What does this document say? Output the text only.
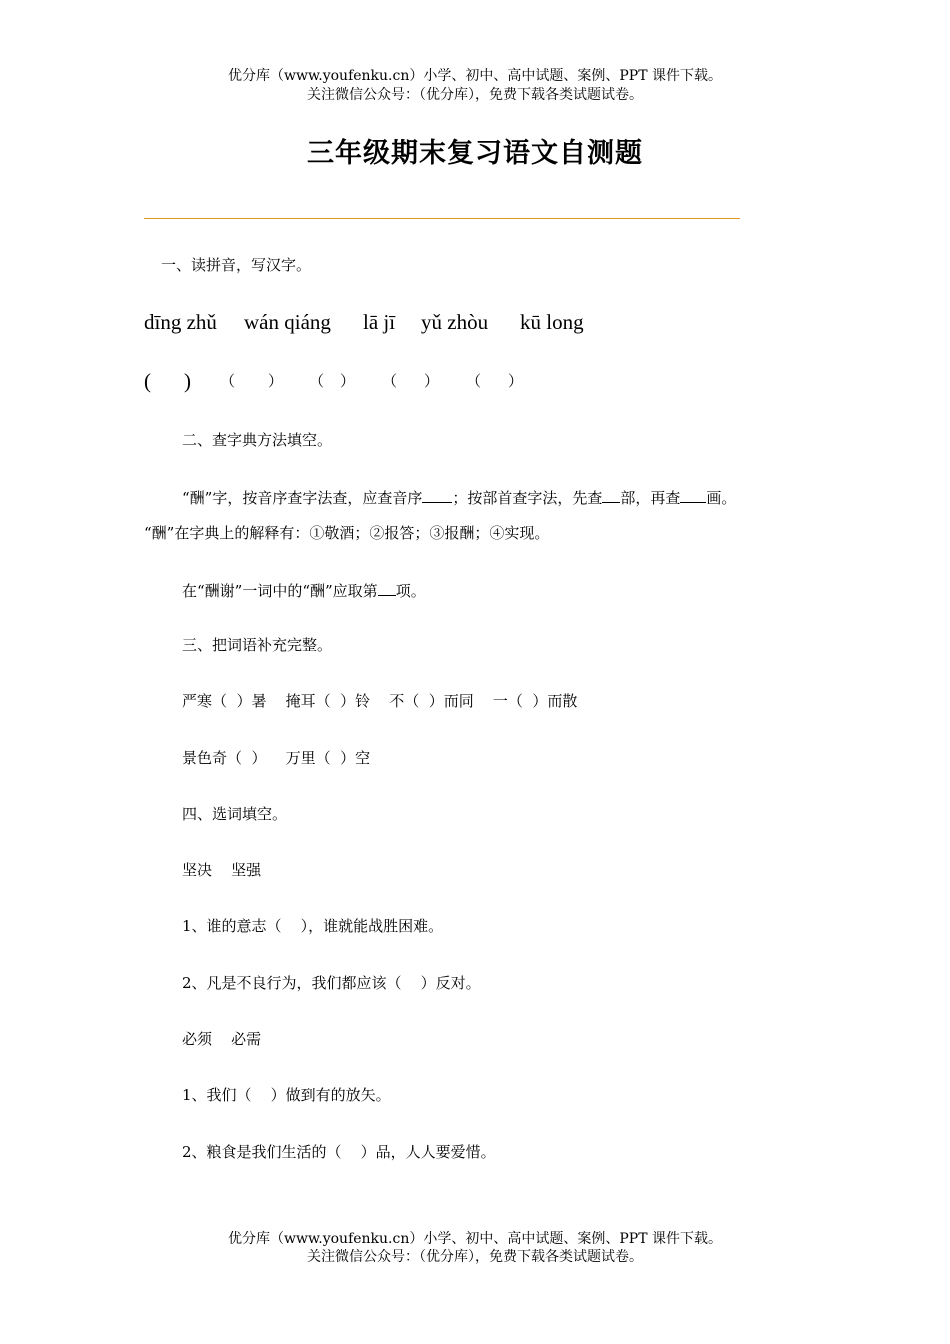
优分库（www.youfenku.cn）小学、初中、高中试题、案例、PPT 课件下载。
关注微信公众号：（优分库），免费下载各类试题试卷。
三年级期末复习语文自测题
一、读拼音，写汉字。
dīng zhǔ wán qiáng lā jī yǔ zhòu kū long
( ) （ ） （ ） （ ） （ ）
二、查字典方法填空。
“酬”字，按音序查字法查，应查音序 ；按部首查字法，先查 部，再查 画。
“酬”在字典上的解释有：①敬酒；②报答；③报酬；④实现。
在“酬谢”一词中的“酬”应取第 项。
三、把词语补充完整。
严寒（  ）暑    掩耳（  ）铃    不（  ）而同    一（  ）而散
景色奇（  ）    万里（  ）空
四、选词填空。
坚决    坚强
1、谁的意志（    ），谁就能战胜困难。
2、凡是不良行为，我们都应该（    ）反对。
必须    必需
1、我们（    ）做到有的放矢。
2、粮食是我们生活的（    ）品，人人要爱惜。
优分库（www.youfenku.cn）小学、初中、高中试题、案例、PPT 课件下载。
关注微信公众号：（优分库），免费下载各类试题试卷。
